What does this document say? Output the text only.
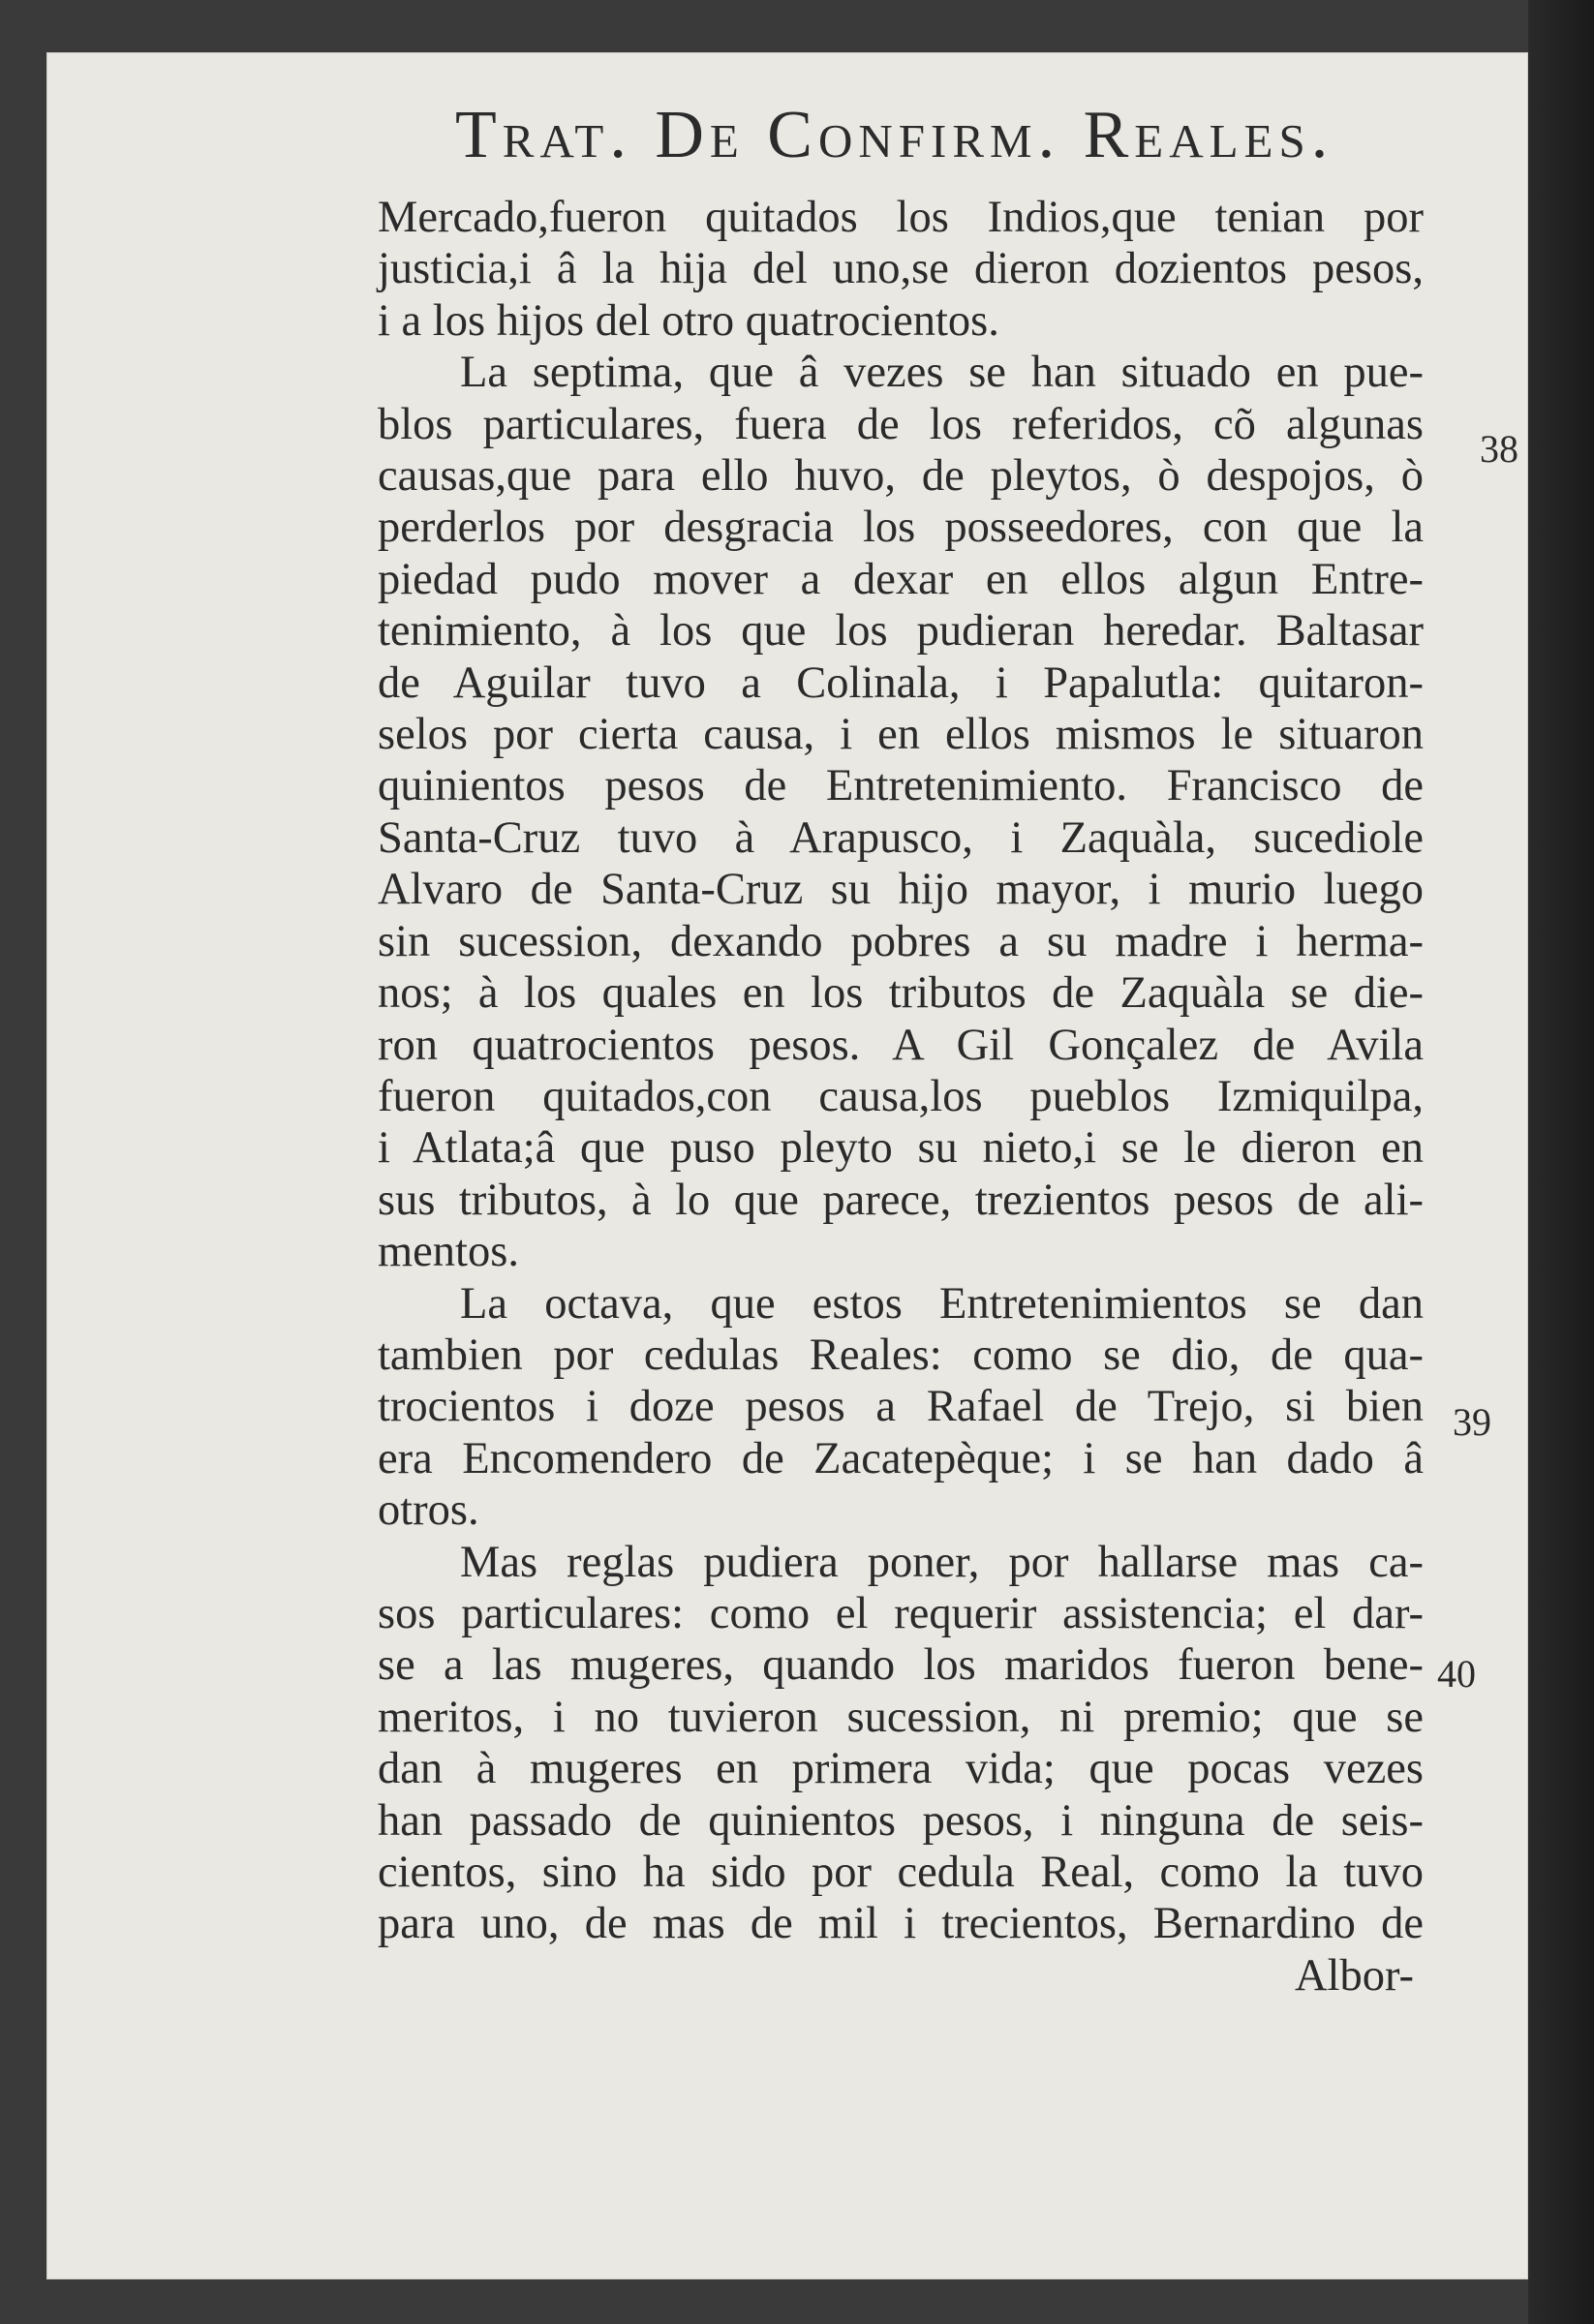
Trat. De Confirm. Reales.
38
39
40
Mercado,fueron quitados los Indios,que tenian por
justicia,i â la hija del uno,se dieron dozientos pesos,
i a los hijos del otro quatrocientos.
La septima, que â vezes se han situado en pue-
blos particulares, fuera de los referidos, cõ algunas
causas,que para ello huvo, de pleytos, ò despojos, ò
perderlos por desgracia los posseedores, con que la
piedad pudo mover a dexar en ellos algun Entre-
tenimiento, à los que los pudieran heredar. Baltasar
de Aguilar tuvo a Colinala, i Papalutla: quitaron-
selos por cierta causa, i en ellos mismos le situaron
quinientos pesos de Entretenimiento. Francisco de
Santa-Cruz tuvo à Arapusco, i Zaquàla, sucediole
Alvaro de Santa-Cruz su hijo mayor, i murio luego
sin sucession, dexando pobres a su madre i herma-
nos; à los quales en los tributos de Zaquàla se die-
ron quatrocientos pesos. A Gil Gonçalez de Avila
fueron quitados,con causa,los pueblos Izmiquilpa,
i Atlata;â que puso pleyto su nieto,i se le dieron en
sus tributos, à lo que parece, trezientos pesos de ali-
mentos.
La octava, que estos Entretenimientos se dan
tambien por cedulas Reales: como se dio, de qua-
trocientos i doze pesos a Rafael de Trejo, si bien
era Encomendero de Zacatepèque; i se han dado â
otros.
Mas reglas pudiera poner, por hallarse mas ca-
sos particulares: como el requerir assistencia; el dar-
se a las mugeres, quando los maridos fueron bene-
meritos, i no tuvieron sucession, ni premio; que se
dan à mugeres en primera vida; que pocas vezes
han passado de quinientos pesos, i ninguna de seis-
cientos, sino ha sido por cedula Real, como la tuvo
para uno, de mas de mil i trecientos, Bernardino de
Albor-
